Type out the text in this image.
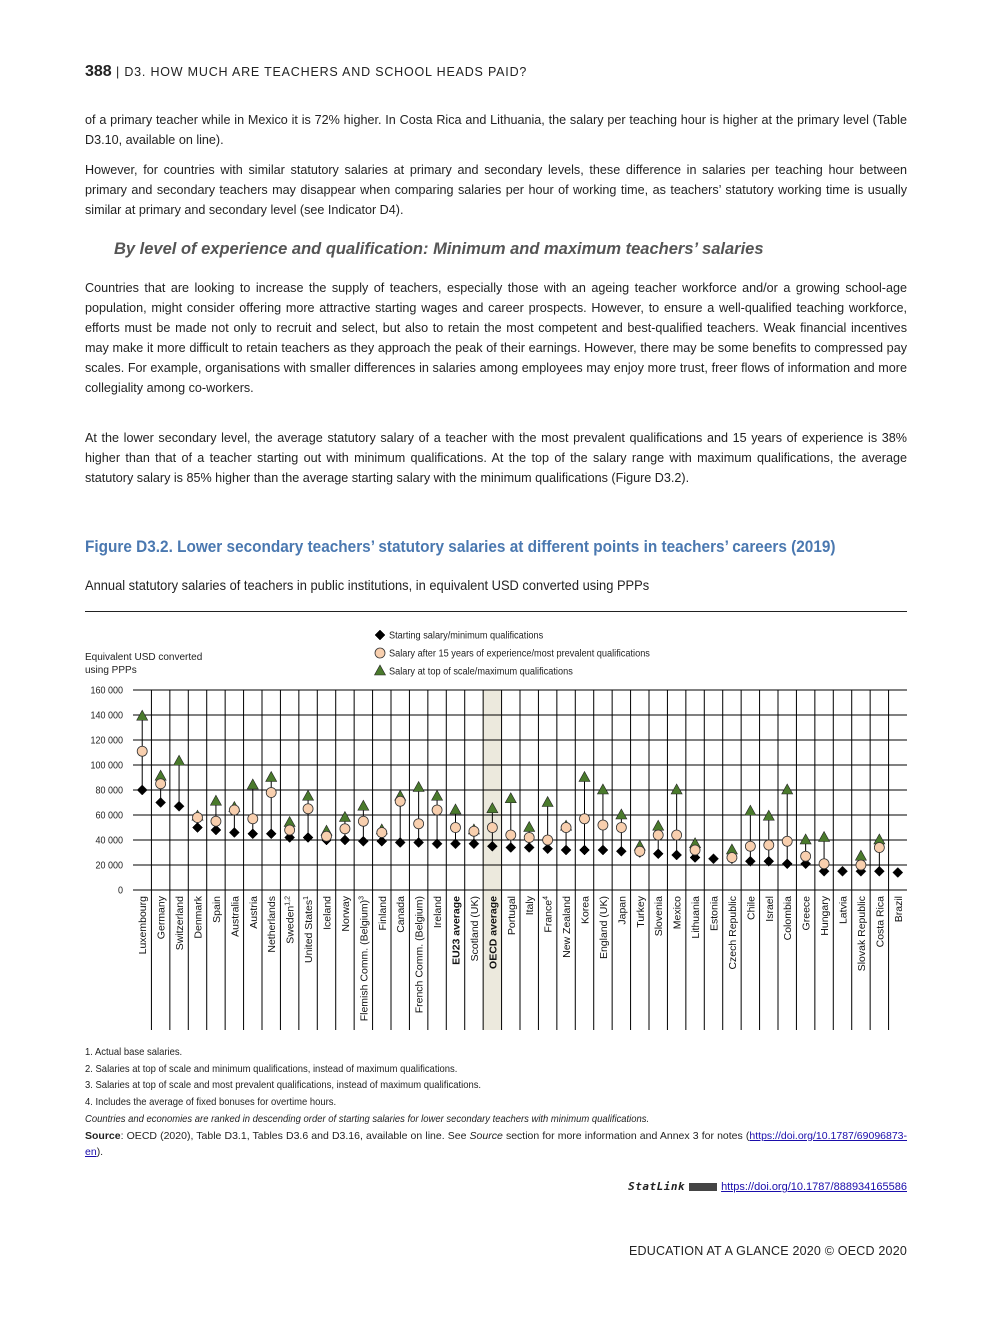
388 | D3. HOW MUCH ARE TEACHERS AND SCHOOL HEADS PAID?

of a primary teacher while in Mexico it is 72% higher. In Costa Rica and Lithuania, the salary per teaching hour is higher at the primary level (Table D3.10, available on line).

However, for countries with similar statutory salaries at primary and secondary levels, these difference in salaries per teaching hour between primary and secondary teachers may disappear when comparing salaries per hour of working time, as teachers’ statutory working time is usually similar at primary and secondary level (see Indicator D4).

By level of experience and qualification: Minimum and maximum teachers’ salaries

Countries that are looking to increase the supply of teachers, especially those with an ageing teacher workforce and/or a growing school-age population, might consider offering more attractive starting wages and career prospects. However, to ensure a well-qualified teaching workforce, efforts must be made not only to recruit and select, but also to retain the most competent and best-qualified teachers. Weak financial incentives may make it more difficult to retain teachers as they approach the peak of their earnings. However, there may be some benefits to compressed pay scales. For example, organisations with smaller differences in salaries among employees may enjoy more trust, freer flows of information and more collegiality among co-workers.

At the lower secondary level, the average statutory salary of a teacher with the most prevalent qualifications and 15 years of experience is 38% higher than that of a teacher starting out with minimum qualifications. At the top of the salary range with maximum qualifications, the average statutory salary is 85% higher than the average starting salary with the minimum qualifications (Figure D3.2).

Figure D3.2. Lower secondary teachers’ statutory salaries at different points in teachers’ careers (2019)
Annual statutory salaries of teachers in public institutions, in equivalent USD converted using PPPs
0
20 000
40 000
60 000
80 000
100 000
120 000
140 000
160 000
Equivalent USD converted
using PPPs
Luxembourg Germany Switzerland Denmark Spain Australia Austria Netherlands Sweden$^{1,2}$	United States$^1$	Iceland Norway Flemish Comm. (Belgium)$^3$	Finland Canada French Comm. (Belgium) Ireland EU23 average Scotland (UK) OECD average Portugal Italy France$^4$	New Zealand Korea England (UK) Japan Turkey Slovenia Mexico Lithuania Estonia Czech Republic Chile Israel Colombia Greece Hungary Latvia Slovak Republic Costa Rica Brazil
Starting salary/minimum qualifications
Salary after 15 years of experience/most prevalent qualifications
Salary at top of scale/maximum qualifications
1. Actual base salaries.
2. Salaries at top of scale and minimum qualifications, instead of maximum qualifications.
3. Salaries at top of scale and most prevalent qualifications, instead of maximum qualifications.
4. Includes the average of fixed bonuses for overtime hours.
Countries and economies are ranked in descending order of starting salaries for lower secondary teachers with minimum qualifications.
Source: OECD (2020), Table D3.1, Tables D3.6 and D3.16, available on line. See Source section for more information and Annex 3 for notes (https://doi.org/10.1787/69096873-en).
StatLink	https://doi.org/10.1787/888934165586
EDUCATION AT A GLANCE 2020 © OECD 2020
